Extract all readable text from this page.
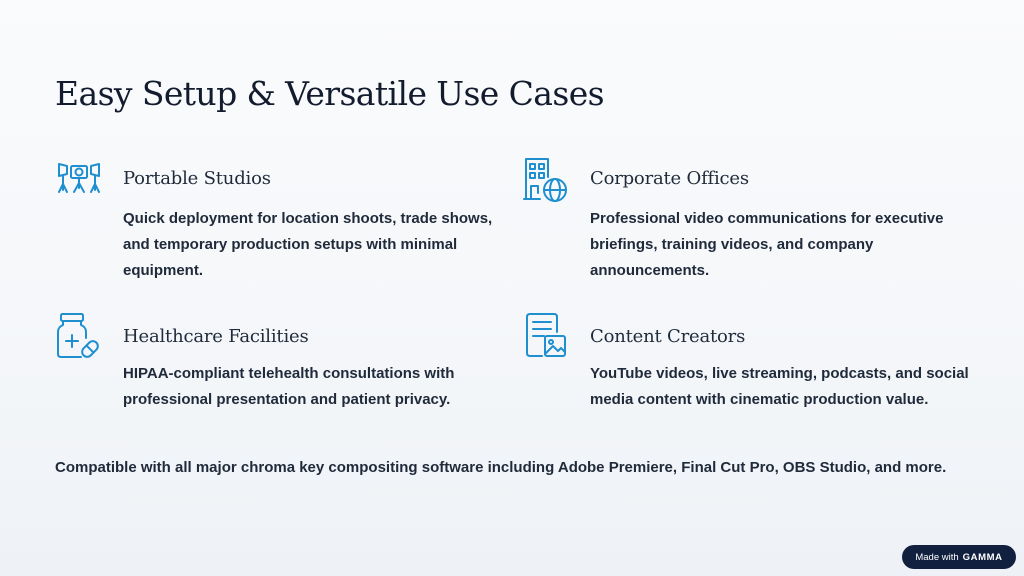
Easy Setup & Versatile Use Cases
Portable Studios
Quick deployment for location shoots, trade shows, and temporary production setups with minimal equipment.
Corporate Offices
Professional video communications for executive briefings, training videos, and company announcements.
Healthcare Facilities
HIPAA-compliant telehealth consultations with professional presentation and patient privacy.
Content Creators
YouTube videos, live streaming, podcasts, and social media content with cinematic production value.

Compatible with all major chroma key compositing software including Adobe Premiere, Final Cut Pro, OBS Studio, and more.

Made with GAMMA
